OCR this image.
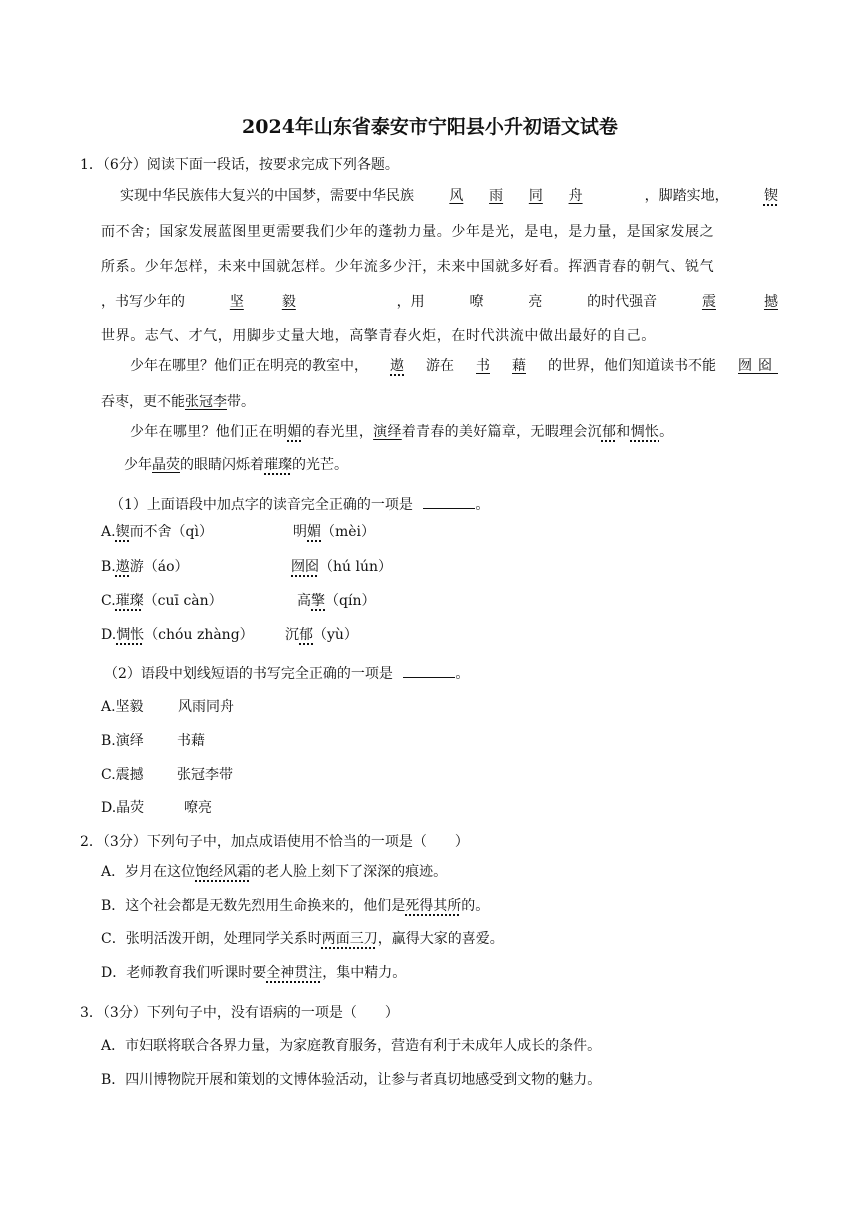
2024年山东省泰安市宁阳县小升初语文试卷
1．（6分）阅读下面一段话，按要求完成下列各题。
实现中华民族伟大复兴的中国梦，需要中华民族	风 雨 同 舟	，脚踏实地，	锲
而不舍；国家发展蓝图里更需要我们少年的蓬勃力量。少年是光，是电，是力量，是国家发展之
所系。少年怎样，未来中国就怎样。少年流多少汗，未来中国就多好看。挥洒青春的朝气、锐气
，书写少年的	坚	毅	，用	嘹	亮	的时代强音	震	撼
世界。志气、才气，用脚步丈量大地，高擎青春火炬，在时代洪流中做出最好的自己。
少年在哪里？他们正在明亮的教室中， 遨 游在 书 藉 的世界，他们知道读书不能 囫囵
吞枣，更不能张冠李带。
少年在哪里？他们正在明媚的春光里，演绎着青春的美好篇章，无暇理会沉郁和惆怅。
少年晶荧的眼睛闪烁着璀璨的光芒。
（1）上面语段中加点字的读音完全正确的一项是	。
A.锲而不舍（qì）	明媚（mèi）
B.遨游（áo）	囫囵（hú lún）
C.璀璨（cuī càn）	高擎（qín）
D.惆怅（chóu zhàng） 沉郁（yù）
（2）语段中划线短语的书写完全正确的一项是	。
A.坚毅 风雨同舟
B.演绎 书藉
C.震撼 张冠李带
D.晶荧	嘹亮
2．（3分）下列句子中，加点成语使用不恰当的一项是（　　）
A．岁月在这位饱经风霜的老人脸上刻下了深深的痕迹。
B．这个社会都是无数先烈用生命换来的，他们是死得其所的。
C．张明活泼开朗，处理同学关系时两面三刀，赢得大家的喜爱。
D．老师教育我们听课时要全神贯注，集中精力。
3．（3分）下列句子中，没有语病的一项是（　　）
A．市妇联将联合各界力量，为家庭教育服务，营造有利于未成年人成长的条件。
B．四川博物院开展和策划的文博体验活动，让参与者真切地感受到文物的魅力。
